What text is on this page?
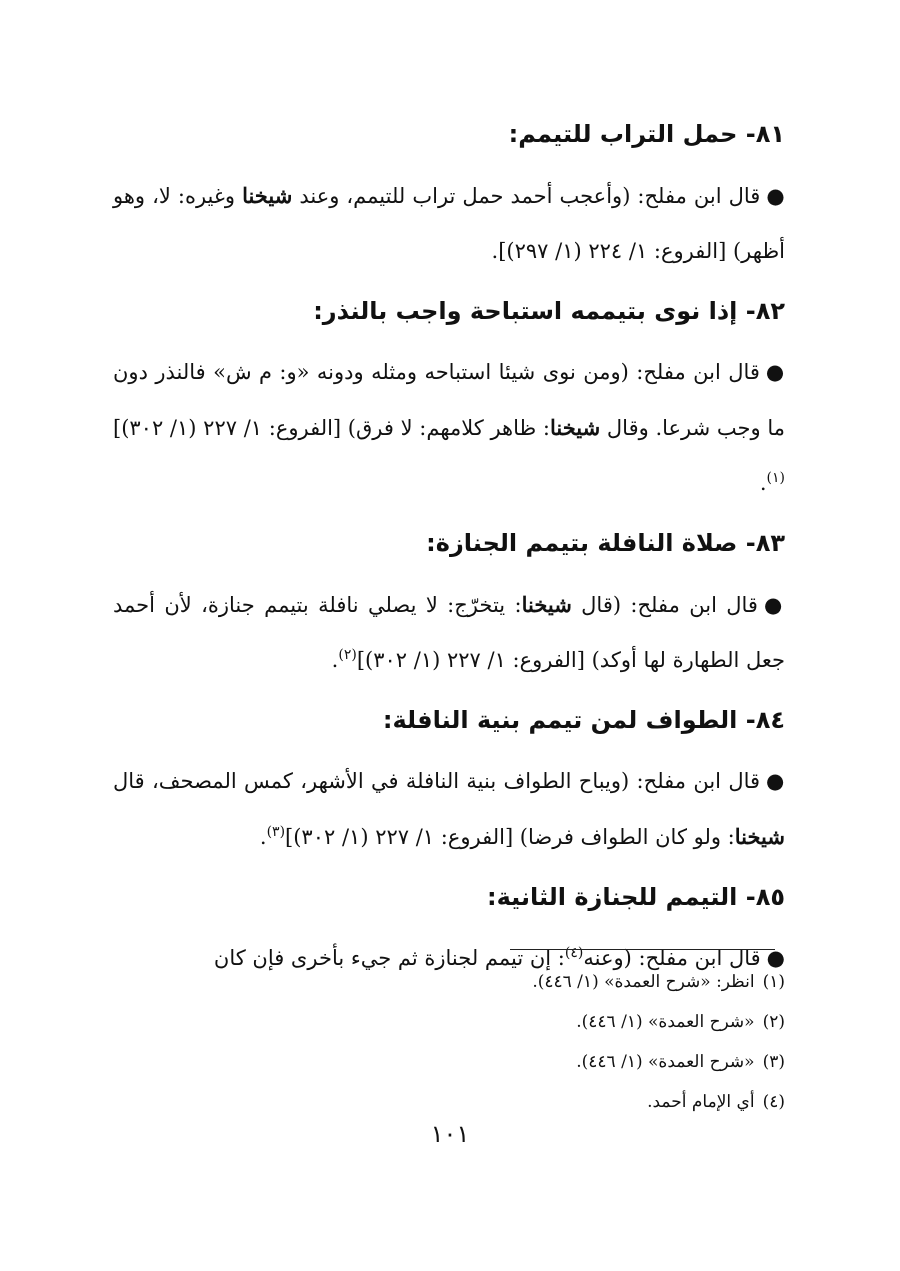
٨١- حمل التراب للتيمم:

●قال ابن مفلح: (وأعجب أحمد حمل تراب للتيمم، وعند شيخنا وغيره: لا، وهو أظهر) [الفروع: ١/ ٢٢٤ (١/ ٢٩٧)].

٨٢- إذا نوى بتيممه استباحة واجب بالنذر:

●قال ابن مفلح: (ومن نوى شيئا استباحه ومثله ودونه «و: م ش» فالنذر دون ما وجب شرعا. وقال شيخنا: ظاهر كلامهم: لا فرق) [الفروع: ١/ ٢٢٧ (١/ ٣٠٢)]$^{(١)}$.

٨٣- صلاة النافلة بتيمم الجنازة:

●قال ابن مفلح: (قال شيخنا: يتخرّج: لا يصلي نافلة بتيمم جنازة، لأن أحمد جعل الطهارة لها أوكد) [الفروع: ١/ ٢٢٧ (١/ ٣٠٢)]$^{(٢)}$.

٨٤- الطواف لمن تيمم بنية النافلة:

●قال ابن مفلح: (ويباح الطواف بنية النافلة في الأشهر، كمس المصحف، قال شيخنا: ولو كان الطواف فرضا) [الفروع: ١/ ٢٢٧ (١/ ٣٠٢)]$^{(٣)}$.

٨٥- التيمم للجنازة الثانية:

●قال ابن مفلح: (وعنه$^{(٤)}$: إن تيمم لجنازة ثم جيء بأخرى فإن كان

(١)انظر: «شرح العمدة» (١/ ٤٤٦).
(٢)«شرح العمدة» (١/ ٤٤٦).
(٣)«شرح العمدة» (١/ ٤٤٦).
(٤)أي الإمام أحمد.
١٠١
